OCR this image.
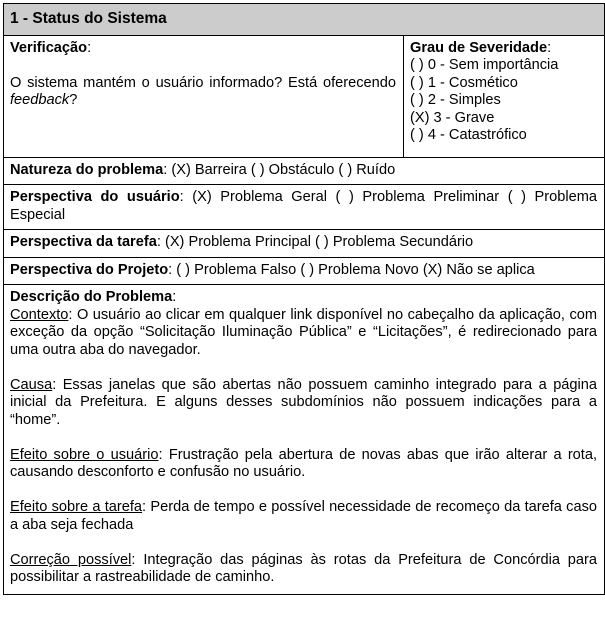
1 - Status do Sistema
Verificação:
O sistema mantém o usuário informado? Está oferecendo feedback?
	Grau de Severidade:
( ) 0 - Sem importância
( ) 1 - Cosmético
( ) 2 - Simples
(X) 3 - Grave
( ) 4 - Catastrófico

Natureza do problema: (X) Barreira ( ) Obstáculo ( ) Ruído
Perspectiva do usuário: (X) Problema Geral ( ) Problema Preliminar ( ) Problema Especial
Perspectiva da tarefa: (X) Problema Principal ( ) Problema Secundário
Perspectiva do Projeto: ( ) Problema Falso ( ) Problema Novo (X) Não se aplica
Descrição do Problema:
Contexto: O usuário ao clicar em qualquer link disponível no cabeçalho da aplicação, com exceção da opção “Solicitação Iluminação Pública” e “Licitações”, é redirecionado para uma outra aba do navegador.
Causa: Essas janelas que são abertas não possuem caminho integrado para a página inicial da Prefeitura. E alguns desses subdomínios não possuem indicações para a “home”.
Efeito sobre o usuário: Frustração pela abertura de novas abas que irão alterar a rota, causando desconforto e confusão no usuário.
Efeito sobre a tarefa: Perda de tempo e possível necessidade de recomeço da tarefa caso a aba seja fechada
Correção possível: Integração das páginas às rotas da Prefeitura de Concórdia para possibilitar a rastreabilidade de caminho.
